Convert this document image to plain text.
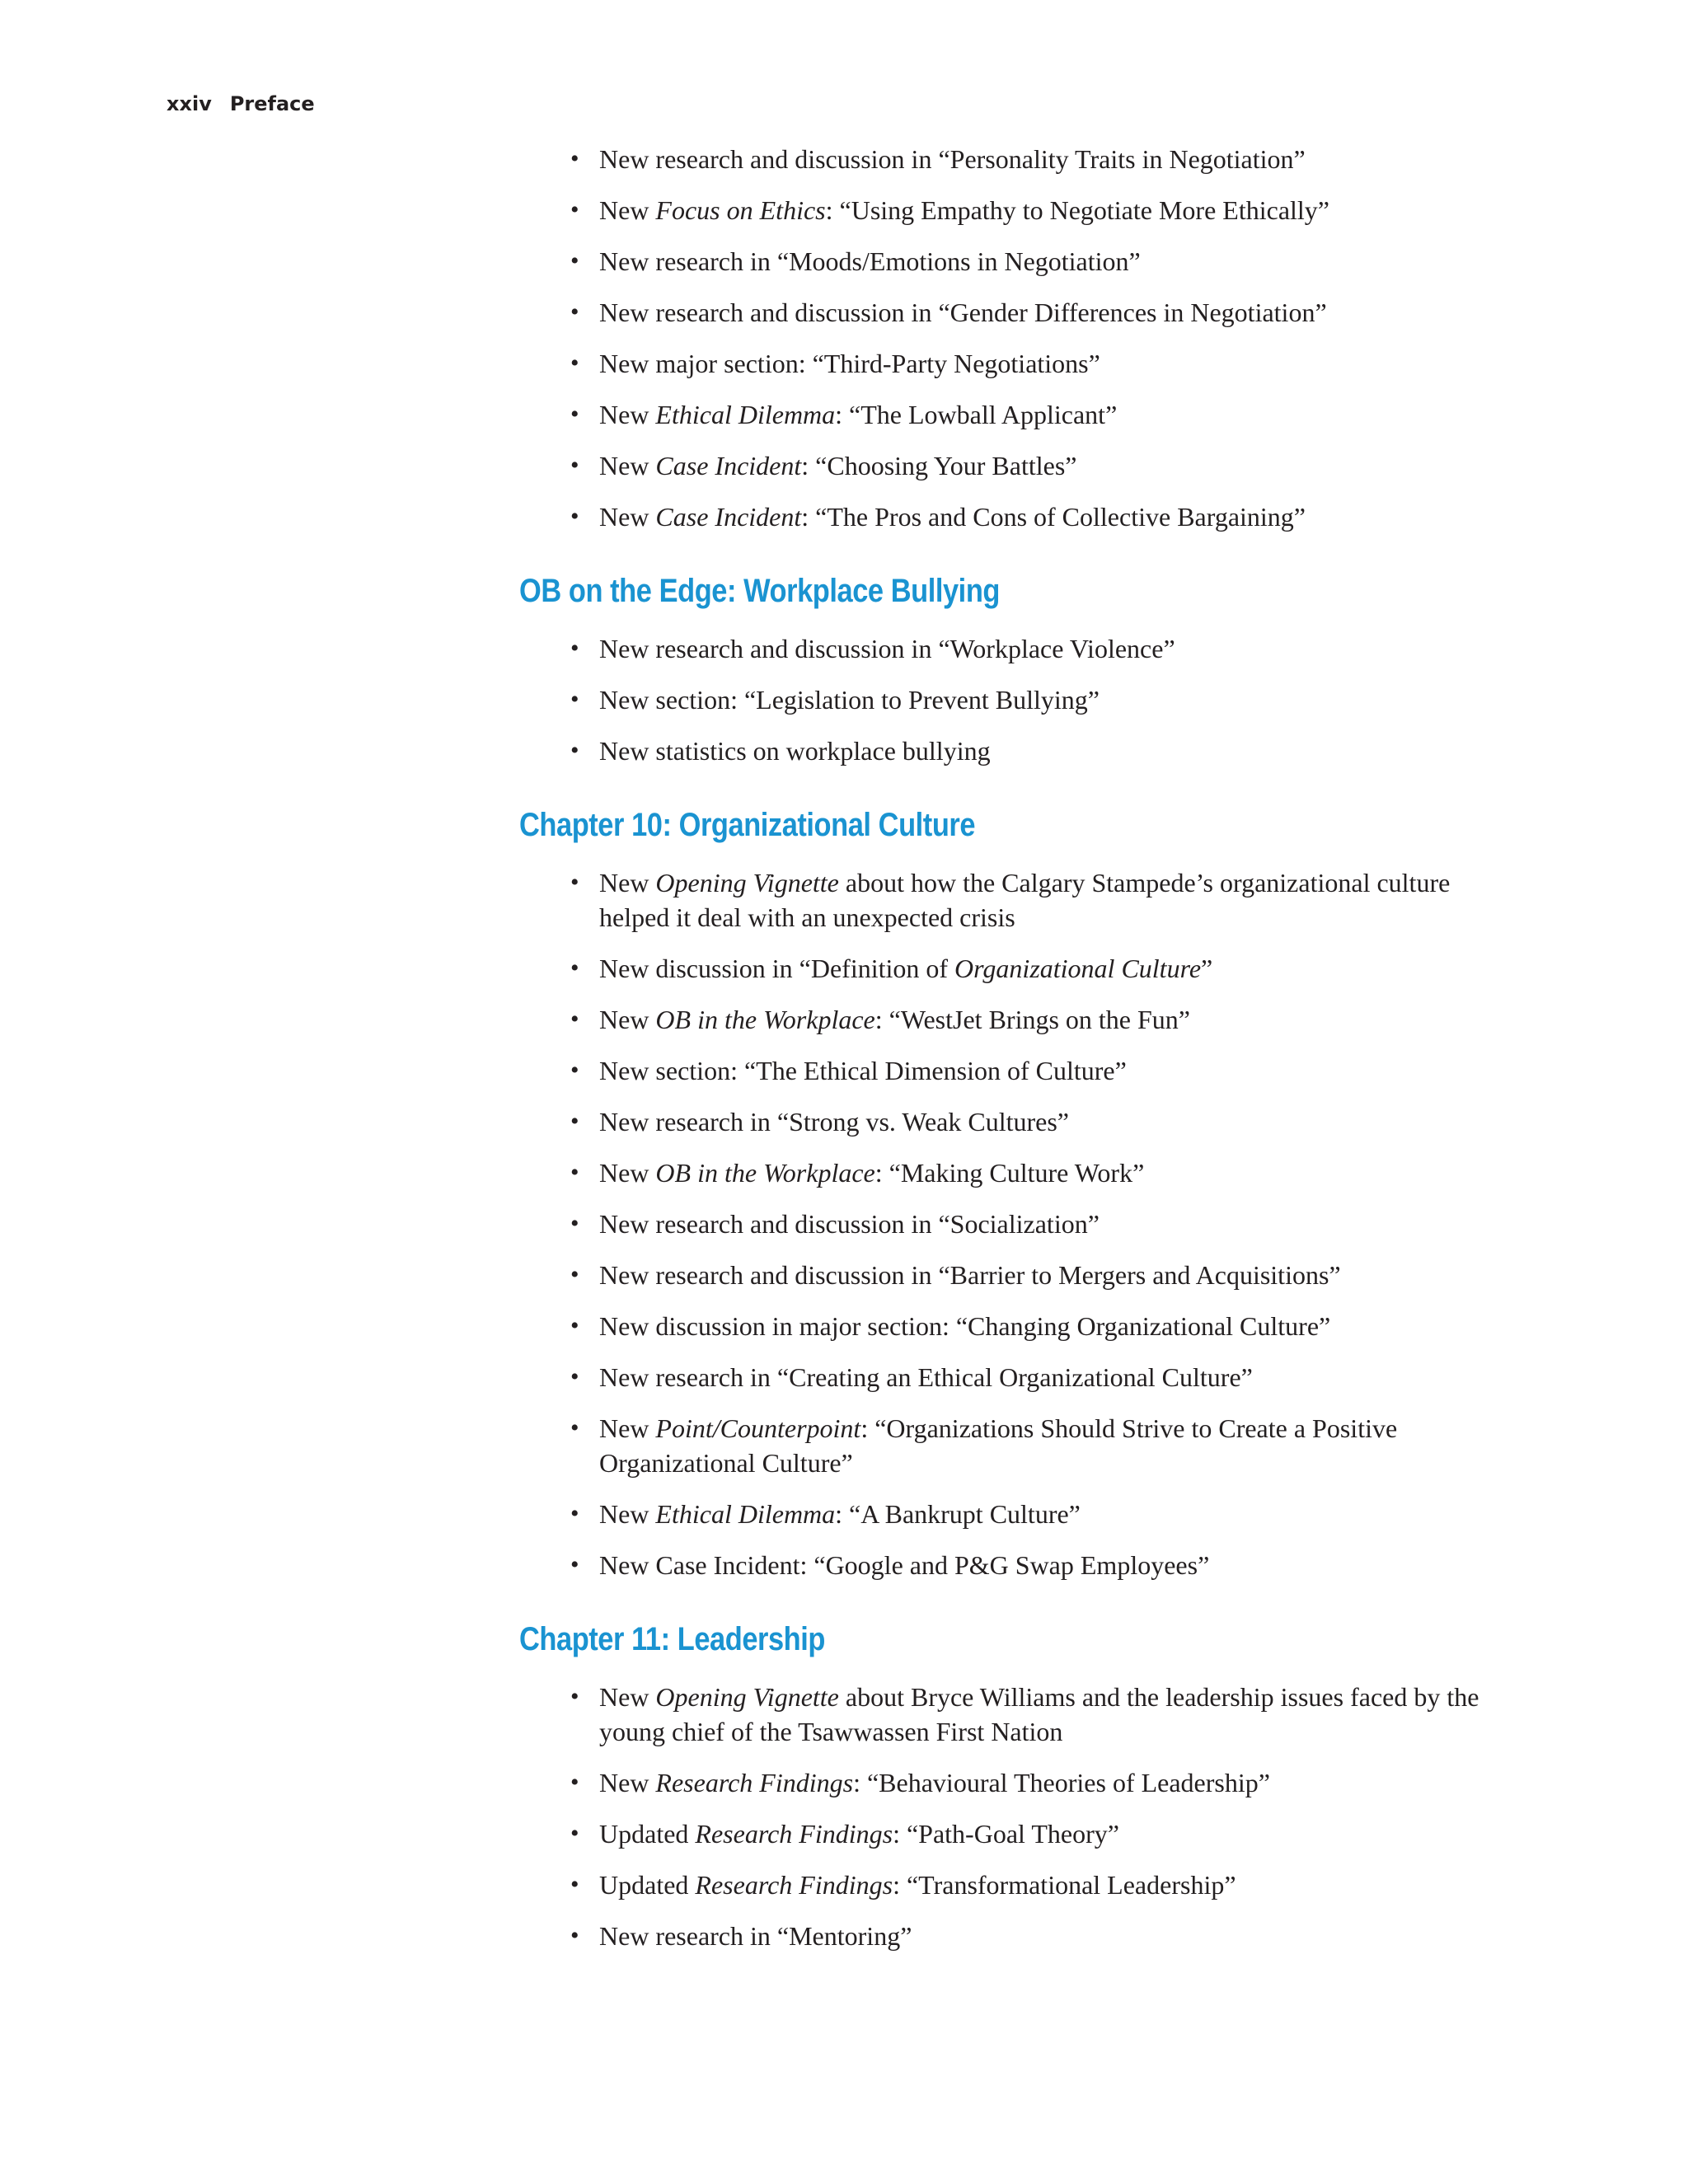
xxiv Preface
• New research and discussion in “Personality Traits in Negotiation”
• New Focus on Ethics: “Using Empathy to Negotiate More Ethically”
• New research in “Moods/Emotions in Negotiation”
• New research and discussion in “Gender Differences in Negotiation”
• New major section: “Third-Party Negotiations”
• New Ethical Dilemma: “The Lowball Applicant”
• New Case Incident: “Choosing Your Battles”
• New Case Incident: “The Pros and Cons of Collective Bargaining”
OB on the Edge: Workplace Bullying
• New research and discussion in “Workplace Violence”
• New section: “Legislation to Prevent Bullying”
• New statistics on workplace bullying
Chapter 10: Organizational Culture
• New Opening Vignette about how the Calgary Stampede’s organizational culture helped it deal with an unexpected crisis
• New discussion in “Definition of Organizational Culture”
• New OB in the Workplace: “WestJet Brings on the Fun”
• New section: “The Ethical Dimension of Culture”
• New research in “Strong vs. Weak Cultures”
• New OB in the Workplace: “Making Culture Work”
• New research and discussion in “Socialization”
• New research and discussion in “Barrier to Mergers and Acquisitions”
• New discussion in major section: “Changing Organizational Culture”
• New research in “Creating an Ethical Organizational Culture”
• New Point/Counterpoint: “Organizations Should Strive to Create a Positive Organizational Culture”
• New Ethical Dilemma: “A Bankrupt Culture”
• New Case Incident: “Google and P&G Swap Employees”
Chapter 11: Leadership
• New Opening Vignette about Bryce Williams and the leadership issues faced by the young chief of the Tsawwassen First Nation
• New Research Findings: “Behavioural Theories of Leadership”
• Updated Research Findings: “Path-Goal Theory”
• Updated Research Findings: “Transformational Leadership”
• New research in “Mentoring”
